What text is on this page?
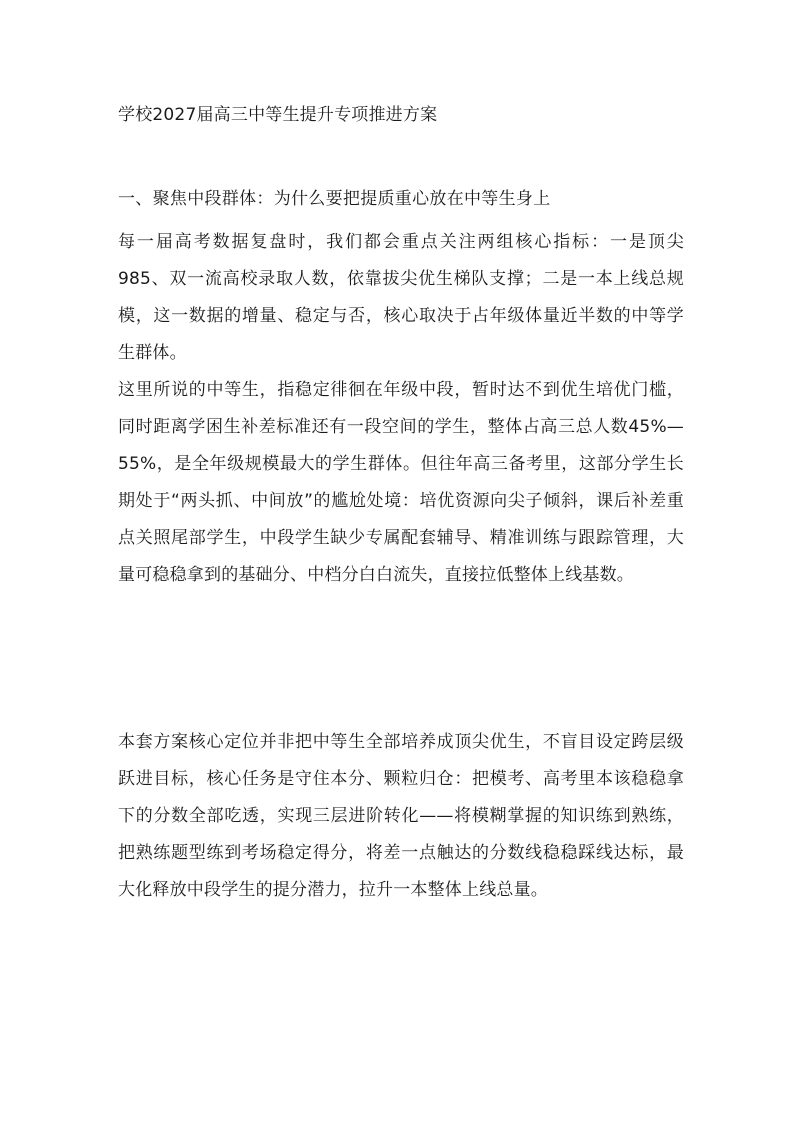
学校2027届高三中等生提升专项推进方案
一、聚焦中段群体：为什么要把提质重心放在中等生身上

每一届高考数据复盘时，我们都会重点关注两组核心指标：一是顶尖985、双一流高校录取人数，依靠拔尖优生梯队支撑；二是一本上线总规模，这一数据的增量、稳定与否，核心取决于占年级体量近半数的中等学生群体。

这里所说的中等生，指稳定徘徊在年级中段，暂时达不到优生培优门槛，同时距离学困生补差标准还有一段空间的学生，整体占高三总人数45%—55%，是全年级规模最大的学生群体。但往年高三备考里，这部分学生长期处于“两头抓、中间放”的尴尬处境：培优资源向尖子倾斜，课后补差重点关照尾部学生，中段学生缺少专属配套辅导、精准训练与跟踪管理，大量可稳稳拿到的基础分、中档分白白流失，直接拉低整体上线基数。

本套方案核心定位并非把中等生全部培养成顶尖优生，不盲目设定跨层级跃进目标，核心任务是守住本分、颗粒归仓：把模考、高考里本该稳稳拿下的分数全部吃透，实现三层进阶转化——将模糊掌握的知识练到熟练，把熟练题型练到考场稳定得分，将差一点触达的分数线稳稳踩线达标，最大化释放中段学生的提分潜力，拉升一本整体上线总量。
